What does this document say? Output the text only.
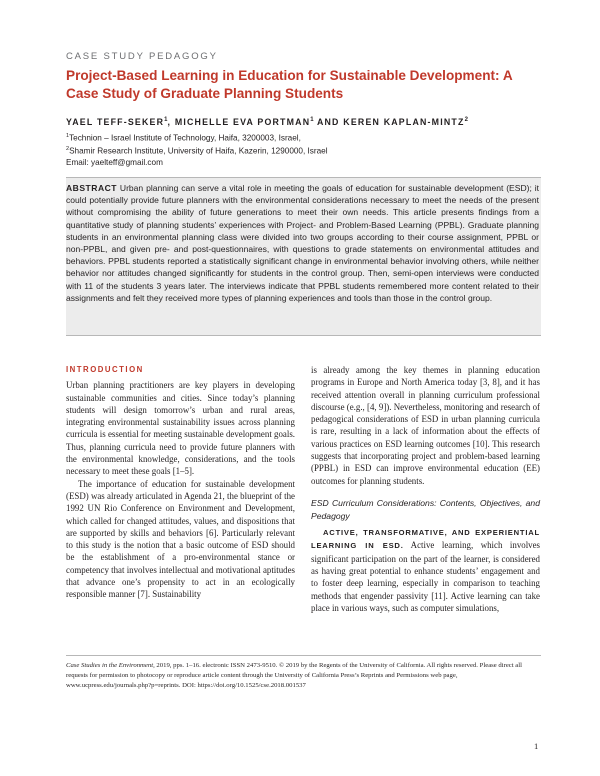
CASE STUDY PEDAGOGY
Project-Based Learning in Education for Sustainable Development: A Case Study of Graduate Planning Students
YAEL TEFF-SEKER$^1$, MICHELLE EVA PORTMAN$^1$ AND KEREN KAPLAN-MINTZ$^2$
$^1$Technion – Israel Institute of Technology, Haifa, 3200003, Israel,
$^2$Shamir Research Institute, University of Haifa, Kazerin, 1290000, Israel
Email: yaelteff@gmail.com
ABSTRACT Urban planning can serve a vital role in meeting the goals of education for sustainable development (ESD); it could potentially provide future planners with the environmental considerations necessary to meet the needs of the present without compromising the ability of future generations to meet their own needs. This article presents findings from a quantitative study of planning students’ experiences with Project- and Problem-Based Learning (PPBL). Graduate planning students in an environmental planning class were divided into two groups according to their course assignment, PPBL or non-PPBL, and given pre- and post-questionnaires, with questions to grade statements on environmental attitudes and behaviors. PPBL students reported a statistically significant change in environmental behavior involving others, while neither behavior nor attitudes changed significantly for students in the control group. Then, semi-open interviews were conducted with 11 of the students 3 years later. The interviews indicate that PPBL students remembered more content related to their assignments and felt they received more types of planning experiences and tools than those in the control group.
INTRODUCTION

Urban planning practitioners are key players in developing sustainable communities and cities. Since today’s planning students will design tomorrow’s urban and rural areas, integrating environmental sustainability issues across planning curricula is essential for meeting sustainable development goals. Thus, planning curricula need to provide future planners with the environmental knowledge, considerations, and the tools necessary to meet these goals [1–5].

The importance of education for sustainable development (ESD) was already articulated in Agenda 21, the blueprint of the 1992 UN Rio Conference on Environment and Development, which called for changed attitudes, values, and dispositions that are supported by skills and behaviors [6]. Particularly relevant to this study is the notion that a basic outcome of ESD should be the establishment of a pro-environmental stance or competency that involves intellectual and motivational aptitudes that advance one’s propensity to act in an ecologically responsible manner [7]. Sustainability

is already among the key themes in planning education programs in Europe and North America today [3, 8], and it has received attention overall in planning curriculum professional discourse (e.g., [4, 9]). Nevertheless, monitoring and research of pedagogical considerations of ESD in urban planning curricula is rare, resulting in a lack of information about the effects of various practices on ESD learning outcomes [10]. This research suggests that incorporating project and problem-based learning (PPBL) in ESD can improve environmental education (EE) outcomes for planning students.

ESD Curriculum Considerations: Contents, Objectives, and Pedagogy

ACTIVE, TRANSFORMATIVE, AND EXPERIENTIAL LEARNING IN ESD. Active learning, which involves significant participation on the part of the learner, is considered as having great potential to enhance students’ engagement and to foster deep learning, especially in comparison to teaching methods that engender passivity [11]. Active learning can take place in various ways, such as computer simulations,

Case Studies in the Environment, 2019, pps. 1–16. electronic ISSN 2473-9510. © 2019 by the Regents of the University of California. All rights reserved. Please direct all requests for permission to photocopy or reproduce article content through the University of California Press’s Reprints and Permissions web page, www.ucpress.edu/journals.php?p=reprints. DOI: https://doi.org/10.1525/cse.2018.001537
1
